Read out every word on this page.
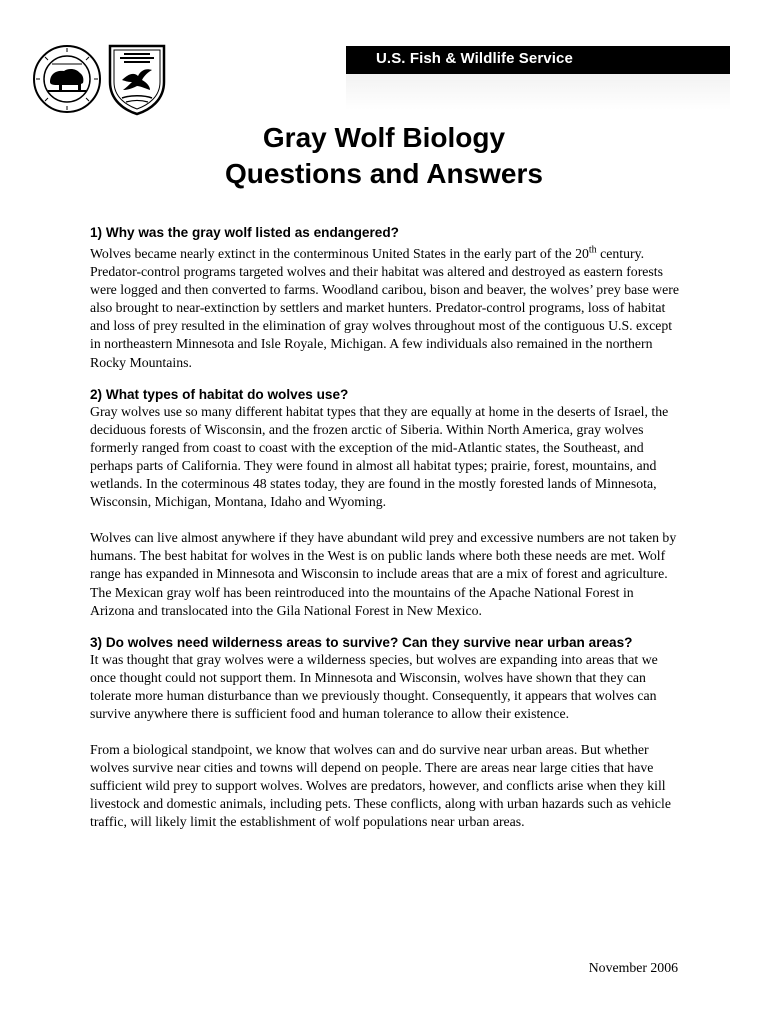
U.S. Fish & Wildlife Service
Gray Wolf Biology
Questions and Answers

1) Why was the gray wolf listed as endangered?

Wolves became nearly extinct in the conterminous United States in the early part of the 20th century. Predator-control programs targeted wolves and their habitat was altered and destroyed as eastern forests were logged and then converted to farms. Woodland caribou, bison and beaver, the wolves’ prey base were also brought to near-extinction by settlers and market hunters. Predator-control programs, loss of habitat and loss of prey resulted in the elimination of gray wolves throughout most of the contiguous U.S. except in northeastern Minnesota and Isle Royale, Michigan. A few individuals also remained in the northern Rocky Mountains.

2) What types of habitat do wolves use?

Gray wolves use so many different habitat types that they are equally at home in the deserts of Israel, the deciduous forests of Wisconsin, and the frozen arctic of Siberia. Within North America, gray wolves formerly ranged from coast to coast with the exception of the mid-Atlantic states, the Southeast, and perhaps parts of California. They were found in almost all habitat types; prairie, forest, mountains, and wetlands. In the coterminous 48 states today, they are found in the mostly forested lands of Minnesota, Wisconsin, Michigan, Montana, Idaho and Wyoming.

Wolves can live almost anywhere if they have abundant wild prey and excessive numbers are not taken by humans. The best habitat for wolves in the West is on public lands where both these needs are met. Wolf range has expanded in Minnesota and Wisconsin to include areas that are a mix of forest and agriculture. The Mexican gray wolf has been reintroduced into the mountains of the Apache National Forest in Arizona and translocated into the Gila National Forest in New Mexico.

3) Do wolves need wilderness areas to survive? Can they survive near urban areas?

It was thought that gray wolves were a wilderness species, but wolves are expanding into areas that we once thought could not support them. In Minnesota and Wisconsin, wolves have shown that they can tolerate more human disturbance than we previously thought. Consequently, it appears that wolves can survive anywhere there is sufficient food and human tolerance to allow their existence.

From a biological standpoint, we know that wolves can and do survive near urban areas. But whether wolves survive near cities and towns will depend on people. There are areas near large cities that have sufficient wild prey to support wolves. Wolves are predators, however, and conflicts arise when they kill livestock and domestic animals, including pets. These conflicts, along with urban hazards such as vehicle traffic, will likely limit the establishment of wolf populations near urban areas.

November 2006
